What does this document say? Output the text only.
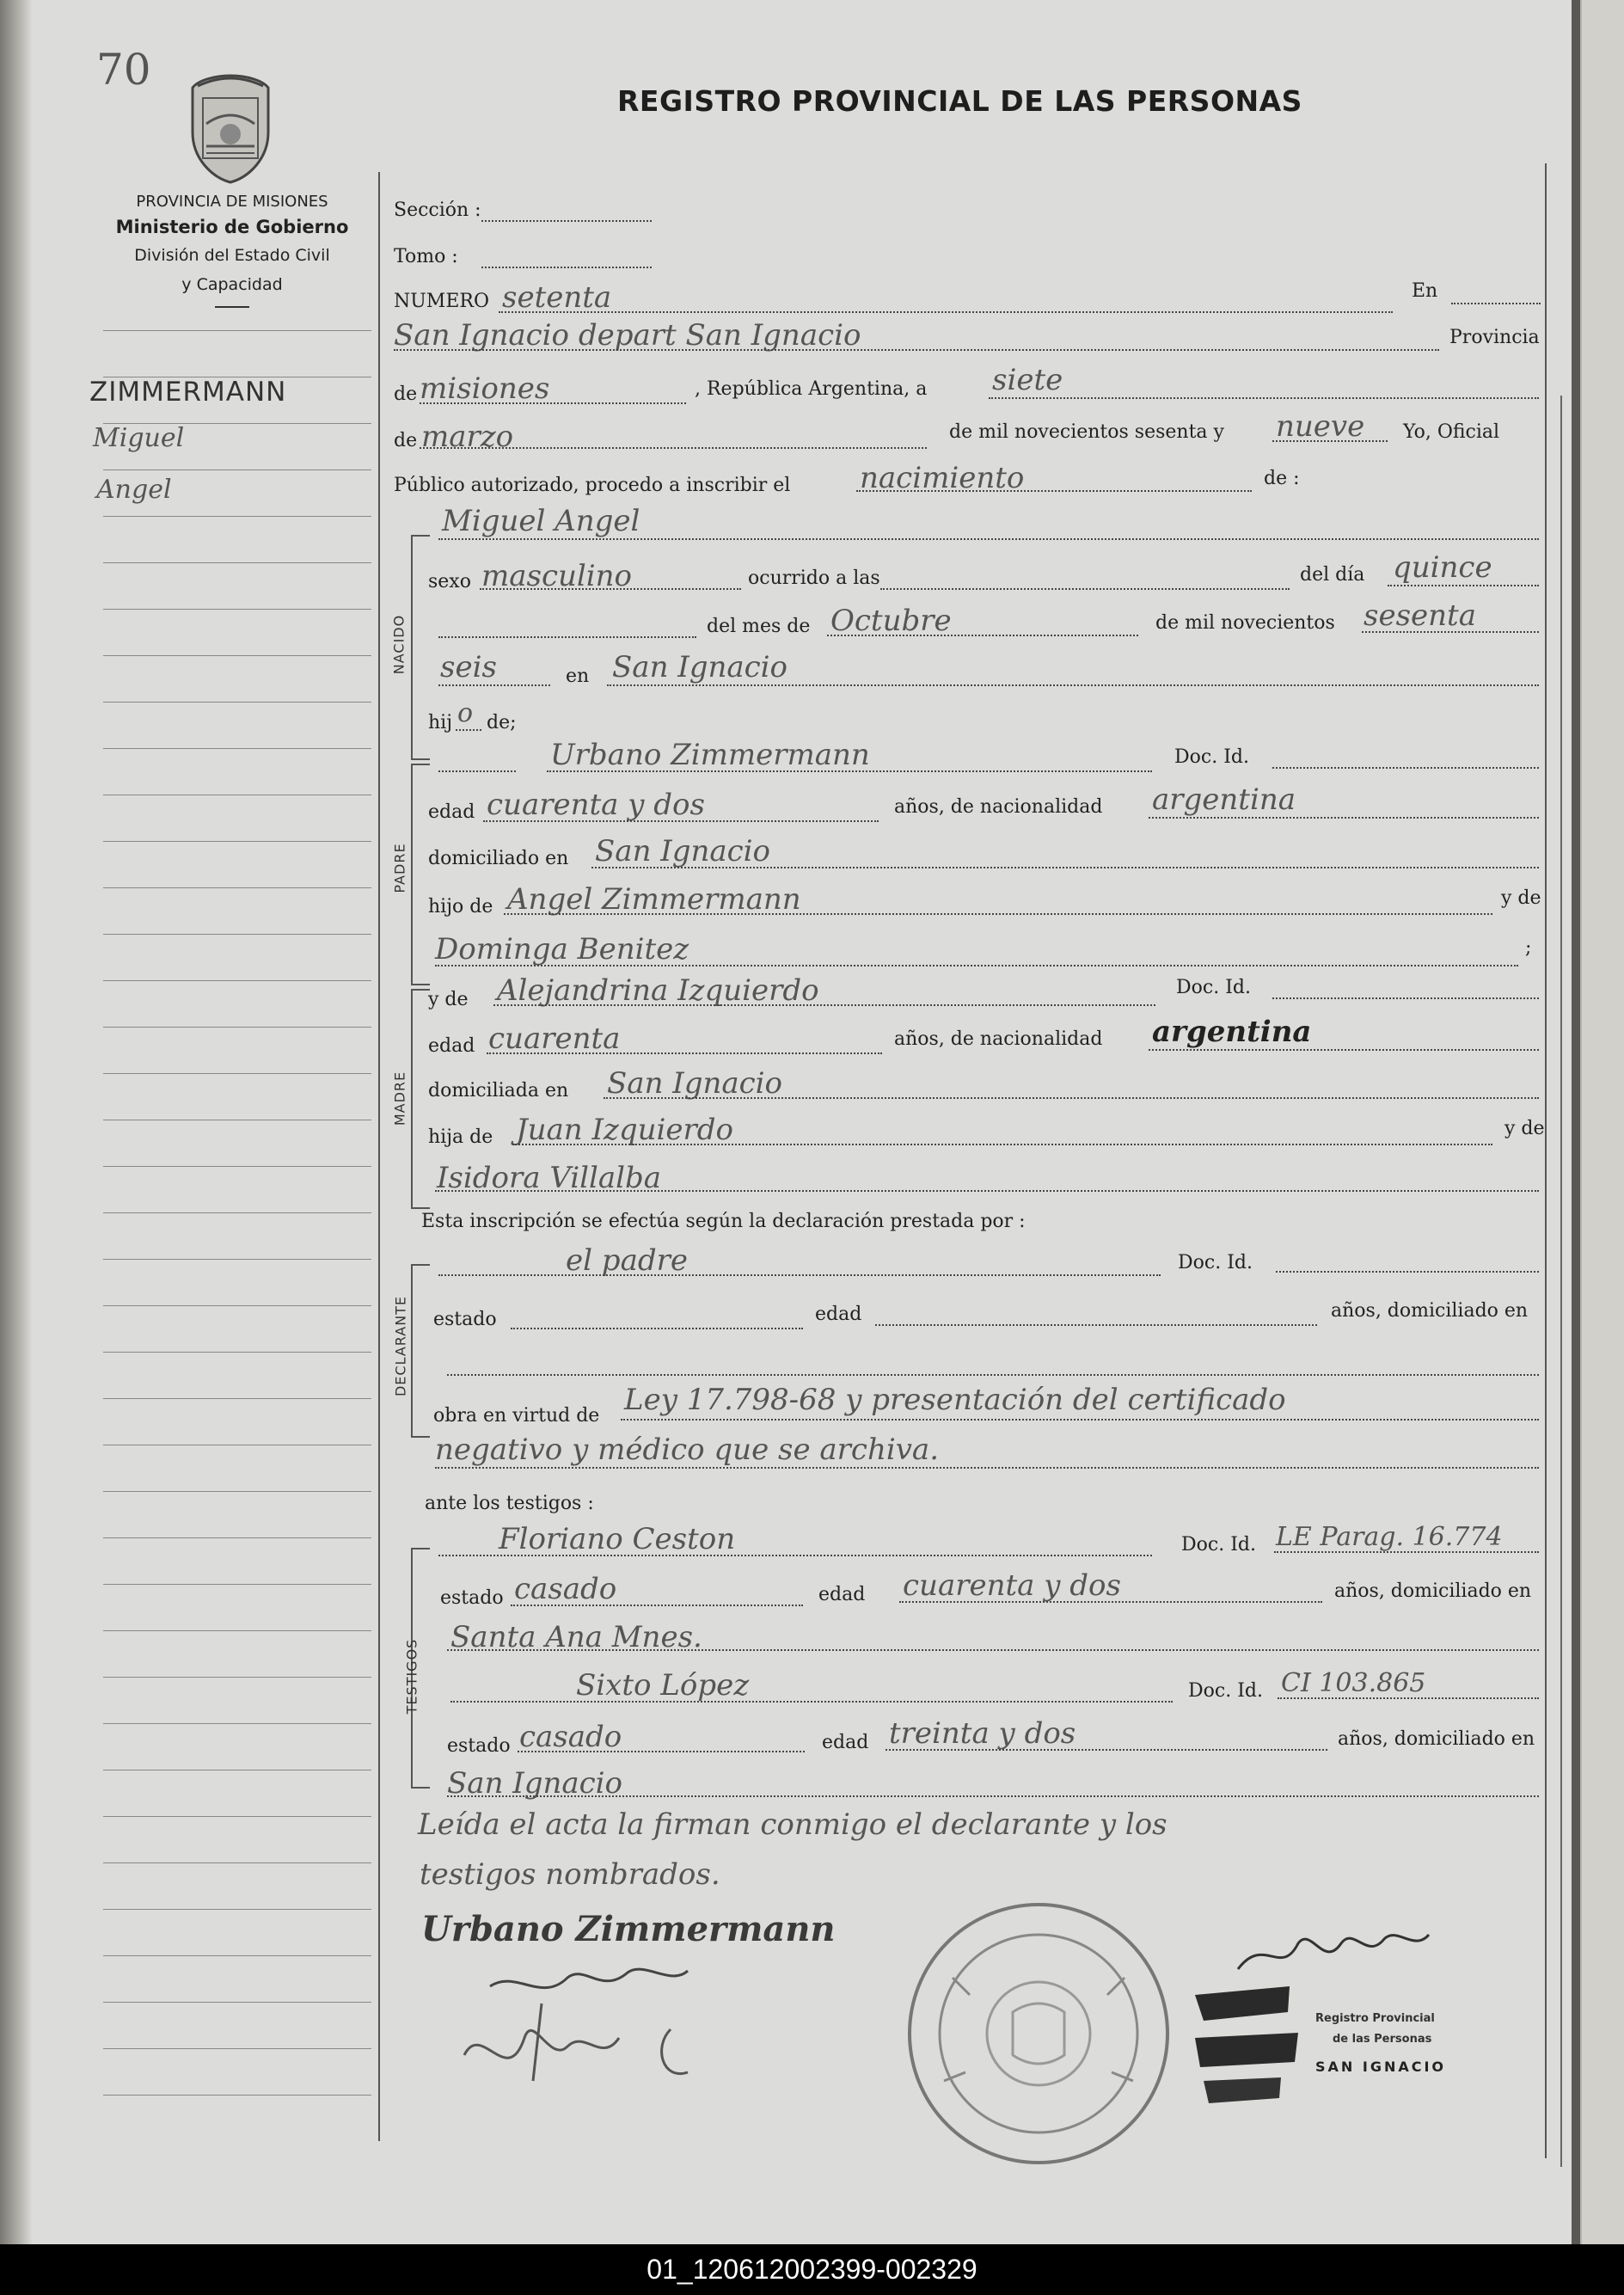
70
PROVINCIA DE MISIONES
Ministerio de Gobierno
División del Estado Civil
y Capacidad
REGISTRO PROVINCIAL DE LAS PERSONAS
ZIMMERMANN
Miguel
Angel
Sección :
Tomo :
NUMERO setenta	En
San Ignacio depart San Ignacio	Provincia
de misiones	, República Argentina, a siete
de marzo	de mil novecientos sesenta y nueve Yo, Oficial
Público autorizado, procedo a inscribir el nacimiento	de :
NACIDO
Miguel Angel
sexo masculino	ocurrido a las	del día quince
del mes de Octubre	de mil novecientos sesenta
seis	en San Ignacio
hij o de;
PADRE
Urbano Zimmermann	Doc. Id.
edad cuarenta y dos	años, de nacionalidad argentina
domiciliado en San Ignacio
hijo de Angel Zimmermann	y de
Dominga Benitez	;
MADRE
y de Alejandrina Izquierdo	Doc. Id.
edad cuarenta	años, de nacionalidad argentina
domiciliada en San Ignacio
hija de Juan Izquierdo	y de
Isidora Villalba
Esta inscripción se efectúa según la declaración prestada por :
DECLARANTE
el padre	Doc. Id.
estado	edad	años, domiciliado en
obra en virtud de Ley 17.798-68 y presentación del certificado
negativo y médico que se archiva.
ante los testigos :
TESTIGOS
Floriano Ceston	Doc. Id. LE Parag. 16.774
estado casado	edad cuarenta y dos	años, domiciliado en
Santa Ana Mnes.
Sixto López	Doc. Id. CI 103.865
estado casado	edad treinta y dos	años, domiciliado en
San Ignacio
Leída el acta la firman conmigo el declarante y los
testigos nombrados.
Urbano Zimmermann
Registro Provincial
de las Personas
SAN IGNACIO
01_120612002399-002329
